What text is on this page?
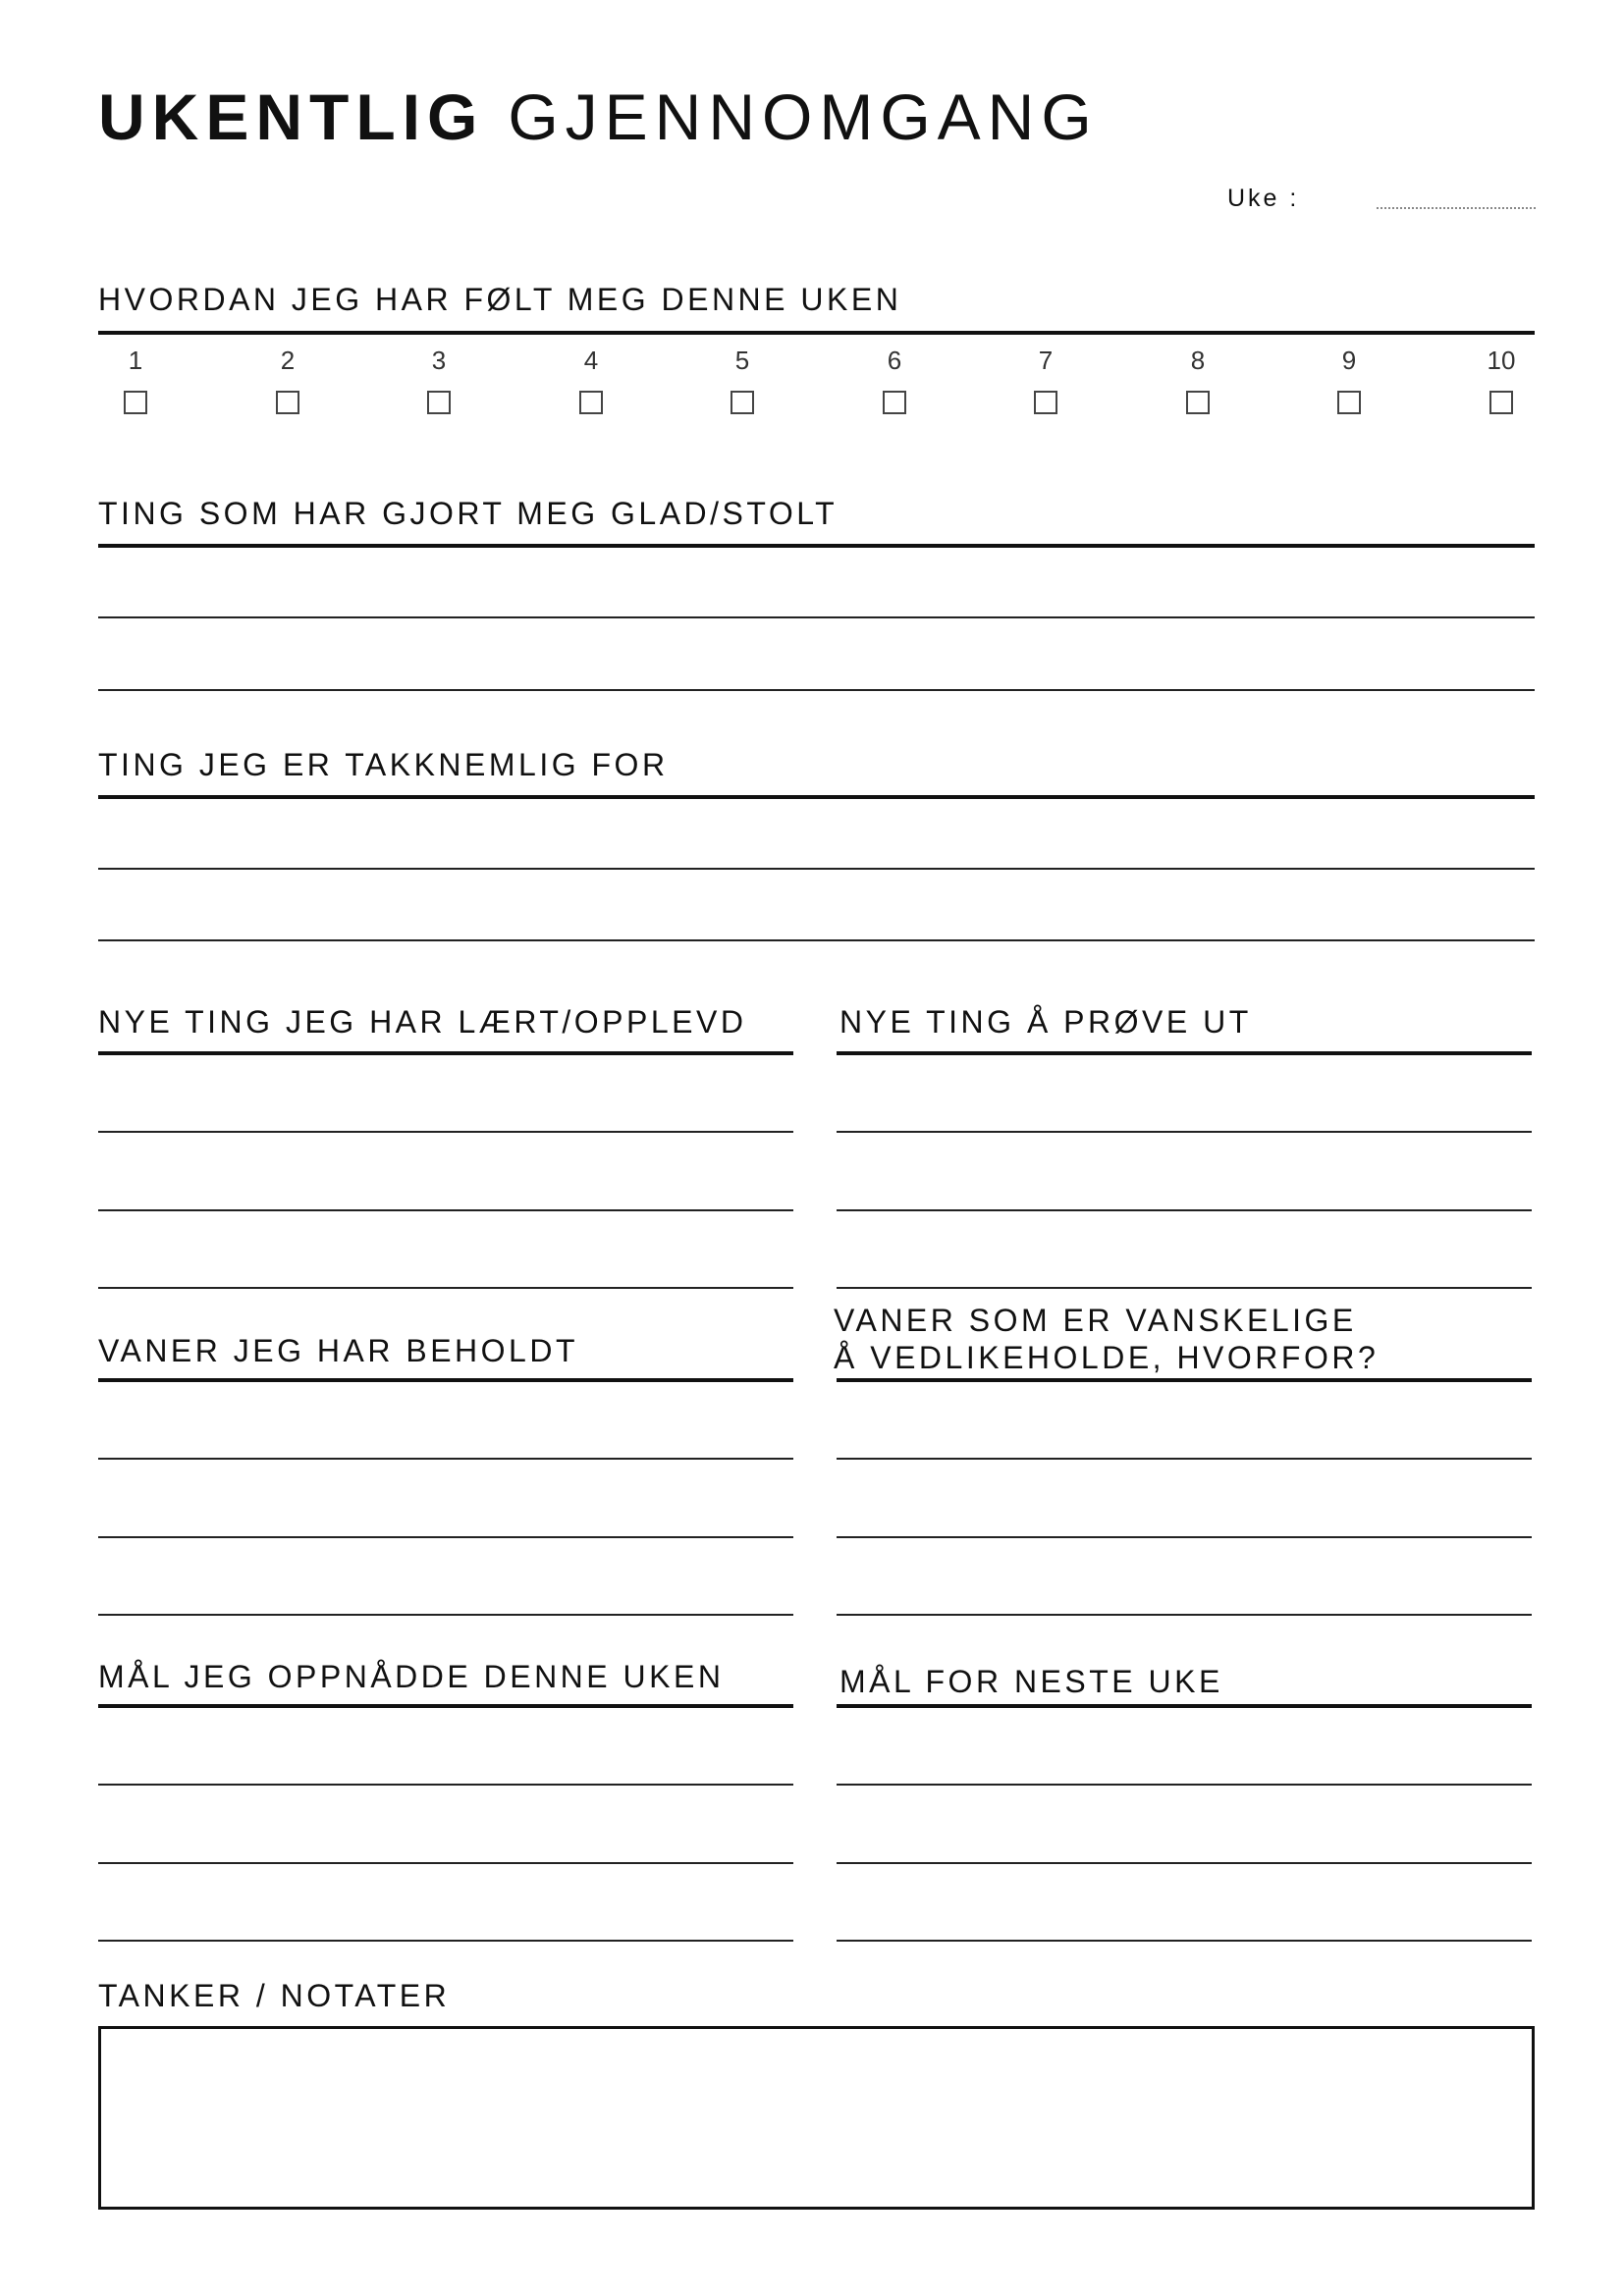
UKENTLIG GJENNOMGANG
Uke :
HVORDAN JEG HAR FØLT MEG DENNE UKEN
1	2	3	4	5	6	7	8	9	10
TING SOM HAR GJORT MEG GLAD/STOLT
TING JEG ER TAKKNEMLIG FOR
NYE TING JEG HAR LÆRT/OPPLEVD	NYE TING Å PRØVE UT
VANER JEG HAR BEHOLDT
VANER SOM ER VANSKELIGE Å VEDLIKEHOLDE, HVORFOR?
MÅL JEG OPPNÅDDE DENNE UKEN	MÅL FOR NESTE UKE
TANKER / NOTATER
